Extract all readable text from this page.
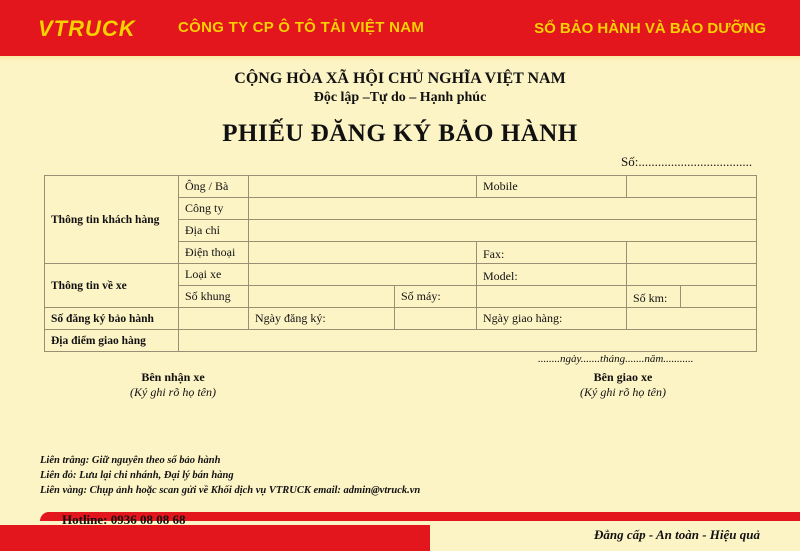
VTRUCK	CÔNG TY CP Ô TÔ TẢI VIỆT NAM	SỔ BẢO HÀNH VÀ BẢO DƯỠNG
CỘNG HÒA XÃ HỘI CHỦ NGHĨA VIỆT NAM
Độc lập –Tự do – Hạnh phúc
PHIẾU ĐĂNG KÝ BẢO HÀNH
Số:...................................
Thông tin khách hàng	Ông / Bà			Mobile		
	Công ty					
	Địa chỉ					
	Điện thoại			Fax:		
Thông tin về xe	Loại xe			Model:		
	Số khung		Số máy:		Số km:	
Số đăng ký bảo hành		Ngày đăng ký:		Ngày giao hàng:		
Địa điểm giao hàng						
........ngày.......tháng.......năm...........
Bên nhận xe
(Ký ghi rõ họ tên)
Bên giao xe
(Ký ghi rõ họ tên)
Liên trắng: Giữ nguyên theo sổ bảo hành
Liên đỏ: Lưu lại chi nhánh, Đại lý bán hàng
Liên vàng: Chụp ảnh hoặc scan gửi về Khối dịch vụ VTRUCK email: admin@vtruck.vn
Hotline: 0936 08 08 68
Đẳng cấp - An toàn - Hiệu quả
